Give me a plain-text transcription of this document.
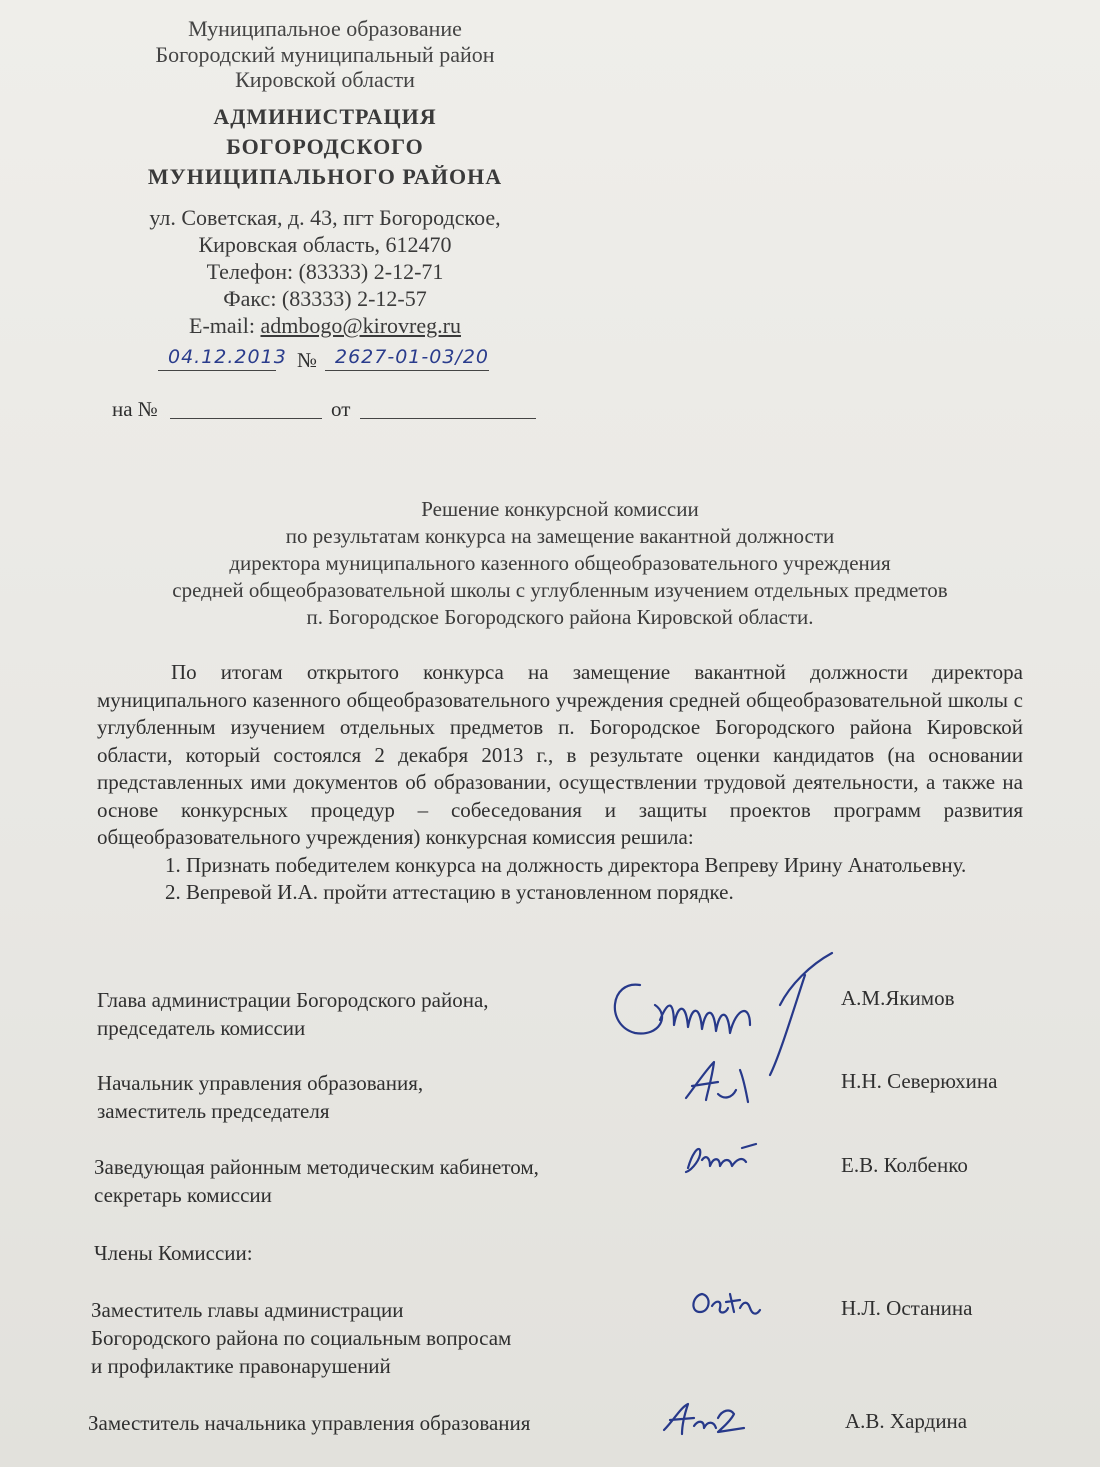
Муниципальное образование
Богородский муниципальный район
Кировской области
АДМИНИСТРАЦИЯ
БОГОРОДСКОГО
МУНИЦИПАЛЬНОГО РАЙОНА
ул. Советская, д. 43, пгт Богородское,
Кировская область, 612470
Телефон: (83333) 2-12-71
Факс: (83333) 2-12-57
E-mail: admbogo@kirovreg.ru
04.12.2013 № 2627-01-03/20
на №	от
Решение конкурсной комиссии
по результатам конкурса на замещение вакантной должности
директора муниципального казенного общеобразовательного учреждения
средней общеобразовательной школы с углубленным изучением отдельных предметов
п. Богородское Богородского района Кировской области.

По итогам открытого конкурса на замещение вакантной должности директора муниципального казенного общеобразовательного учреждения средней общеобразовательной школы с углубленным изучением отдельных предметов п. Богородское Богородского района Кировской области, который состоялся 2 декабря 2013 г., в результате оценки кандидатов (на основании представленных ими документов об образовании, осуществлении трудовой деятельности, а также на основе конкурсных процедур – собеседования и защиты проектов программ развития общеобразовательного учреждения) конкурсная комиссия решила:

1. Признать победителем конкурса на должность директора Вепреву Ирину Анатольевну.

2. Вепревой И.А. пройти аттестацию в установленном порядке.

Глава администрации Богородского района,
председатель комиссии
А.М.Якимов
Начальник управления образования,
заместитель председателя
Н.Н. Северюхина
Заведующая районным методическим кабинетом,
секретарь комиссии
Е.В. Колбенко
Члены Комиссии:
Заместитель главы администрации
Богородского района по социальным вопросам
и профилактике правонарушений
Н.Л. Останина
Заместитель начальника управления образования	А.В. Хардина
